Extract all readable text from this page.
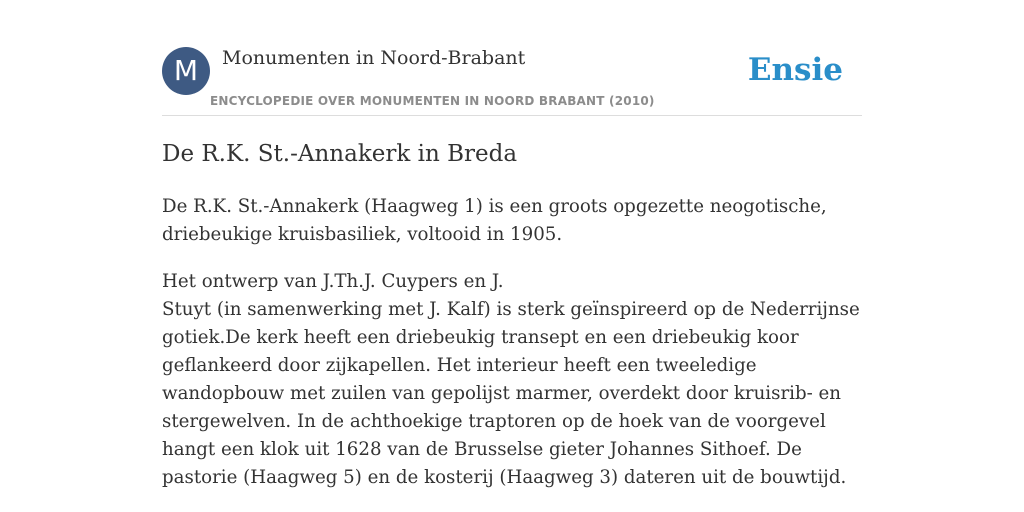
M	Monumenten in Noord-Brabant
ENCYCLOPEDIE OVER MONUMENTEN IN NOORD BRABANT (2010)
Ensie
De R.K. St.-Annakerk in Breda

De R.K. St.-Annakerk (Haagweg 1) is een groots opgezette neogotische, driebeukige kruisbasiliek, voltooid in 1905.

Het ontwerp van J.Th.J. Cuypers en J.

Stuyt (in samenwerking met J. Kalf) is sterk geïnspireerd op de Nederrijnse gotiek.De kerk heeft een driebeukig transept en een driebeukig koor geflankeerd door zijkapellen. Het interieur heeft een tweeledige wandopbouw met zuilen van gepolijst marmer, overdekt door kruisrib- en stergewelven. In de achthoekige traptoren op de hoek van de voorgevel hangt een klok uit 1628 van de Brusselse gieter Johannes Sithoef. De pastorie (Haagweg 5) en de kosterij (Haagweg 3) dateren uit de bouwtijd.
